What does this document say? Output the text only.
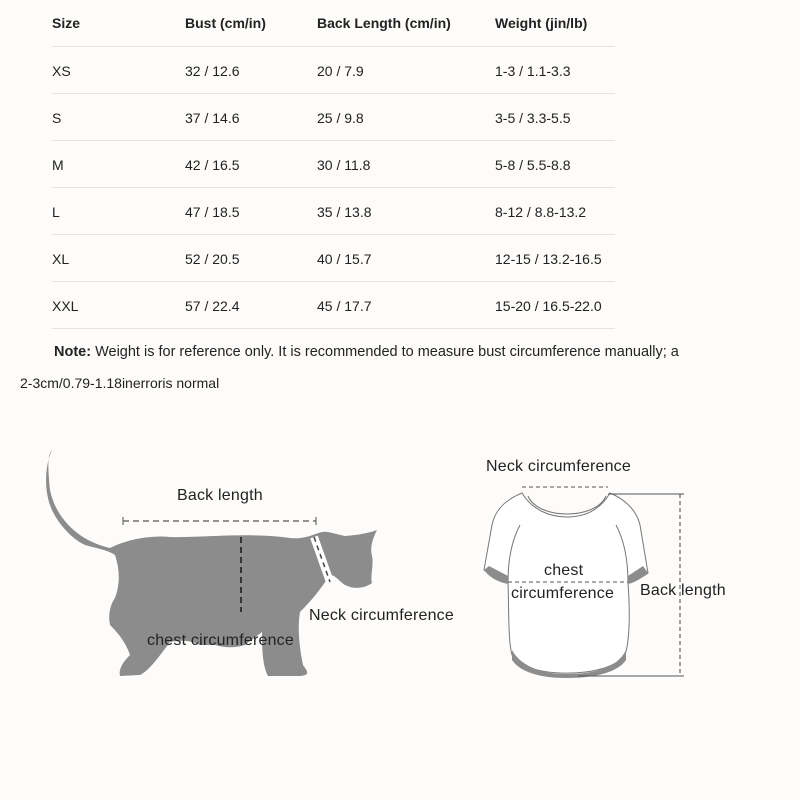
Size	Bust (cm/in)	Back Length (cm/in)	Weight (jin/lb)
XS	32 / 12.6	20 / 7.9	1-3 / 1.1-3.3
S	37 / 14.6	25 / 9.8	3-5 / 3.3-5.5
M	42 / 16.5	30 / 11.8	5-8 / 5.5-8.8
L	47 / 18.5	35 / 13.8	8-12 / 8.8-13.2
XL	52 / 20.5	40 / 15.7	12-15 / 13.2-16.5
XXL	57 / 22.4	45 / 17.7	15-20 / 16.5-22.0
Note: Weight is for reference only. It is recommended to measure bust circumference manually; a
2-3cm/0.79-1.18inerroris normal
Back length
Neck circumference
chest circumference
Neck circumference
chest
circumference Back length
